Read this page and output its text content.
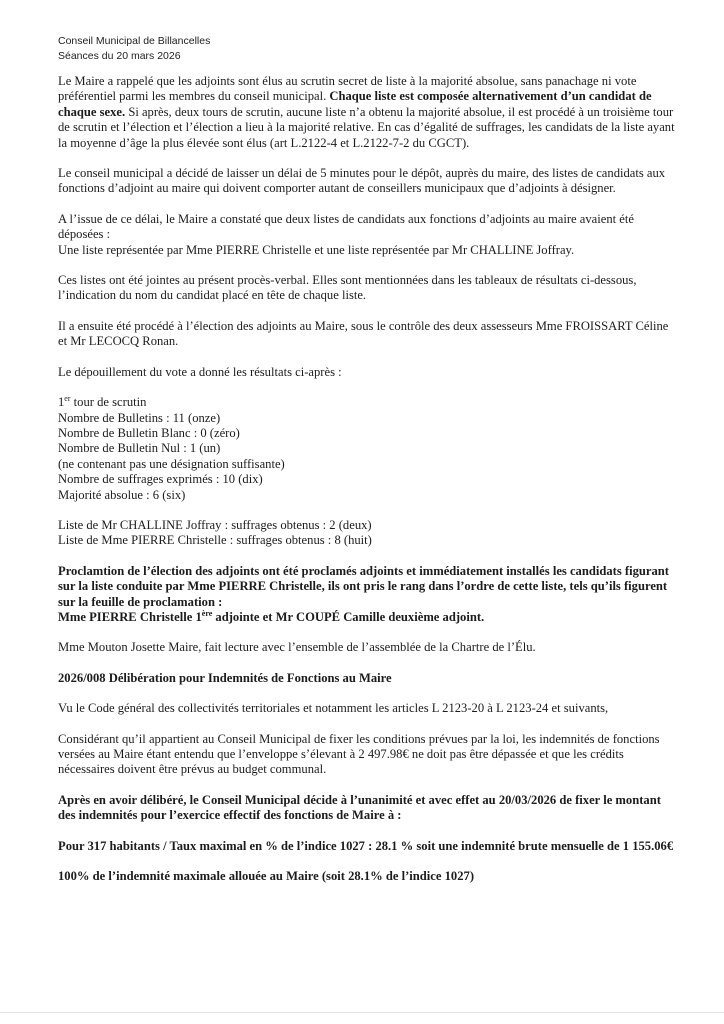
Conseil Municipal de Billancelles
Séances du 20 mars 2026

Le Maire a rappelé que les adjoints sont élus au scrutin secret de liste à la majorité absolue, sans panachage ni vote préférentiel parmi les membres du conseil municipal. Chaque liste est composée alternativement d’un candidat de chaque sexe. Si après, deux tours de scrutin, aucune liste n’a obtenu la majorité absolue, il est procédé à un troisième tour de scrutin et l’élection et l’élection a lieu à la majorité relative. En cas d’égalité de suffrages, les candidats de la liste ayant la moyenne d’âge la plus élevée sont élus (art L.2122-4 et L.2122-7-2 du CGCT).

Le conseil municipal a décidé de laisser un délai de 5 minutes pour le dépôt, auprès du maire, des listes de candidats aux fonctions d’adjoint au maire qui doivent comporter autant de conseillers municipaux que d’adjoints à désigner.

A l’issue de ce délai, le Maire a constaté que deux listes de candidats aux fonctions d’adjoints au maire avaient été déposées :
Une liste représentée par Mme PIERRE Christelle et une liste représentée par Mr CHALLINE Joffray.

Ces listes ont été jointes au présent procès-verbal. Elles sont mentionnées dans les tableaux de résultats ci-dessous, l’indication du nom du candidat placé en tête de chaque liste.

Il a ensuite été procédé à l’élection des adjoints au Maire, sous le contrôle des deux assesseurs Mme FROISSART Céline et Mr LECOCQ Ronan.

Le dépouillement du vote a donné les résultats ci-après :

1er tour de scrutin

Nombre de Bulletins : 11 (onze)

Nombre de Bulletin Blanc : 0 (zéro)

Nombre de Bulletin Nul : 1 (un)

(ne contenant pas une désignation suffisante)

Nombre de suffrages exprimés : 10 (dix)

Majorité absolue : 6 (six)

Liste de Mr CHALLINE Joffray : suffrages obtenus : 2 (deux)

Liste de Mme PIERRE Christelle : suffrages obtenus : 8 (huit)

Proclamtion de l’élection des adjoints ont été proclamés adjoints et immédiatement installés les candidats figurant sur la liste conduite par Mme PIERRE Christelle, ils ont pris le rang dans l’ordre de cette liste, tels qu’ils figurent sur la feuille de proclamation :
Mme PIERRE Christelle 1ère adjointe et Mr COUPÉ Camille deuxième adjoint.

Mme Mouton Josette Maire, fait lecture avec l’ensemble de l’assemblée de la Chartre de l’Élu.

2026/008 Délibération pour Indemnités de Fonctions au Maire

Vu le Code général des collectivités territoriales et notamment les articles L 2123-20 à L 2123-24 et suivants,

Considérant qu’il appartient au Conseil Municipal de fixer les conditions prévues par la loi, les indemnités de fonctions versées au Maire étant entendu que l’enveloppe s’élevant à 2 497.98€ ne doit pas être dépassée et que les crédits nécessaires doivent être prévus au budget communal.

Après en avoir délibéré, le Conseil Municipal décide à l’unanimité et avec effet au 20/03/2026 de fixer le montant des indemnités pour l’exercice effectif des fonctions de Maire à :

Pour 317 habitants / Taux maximal en % de l’indice 1027 : 28.1 % soit une indemnité brute mensuelle de 1 155.06€

100% de l’indemnité maximale allouée au Maire (soit 28.1% de l’indice 1027)
